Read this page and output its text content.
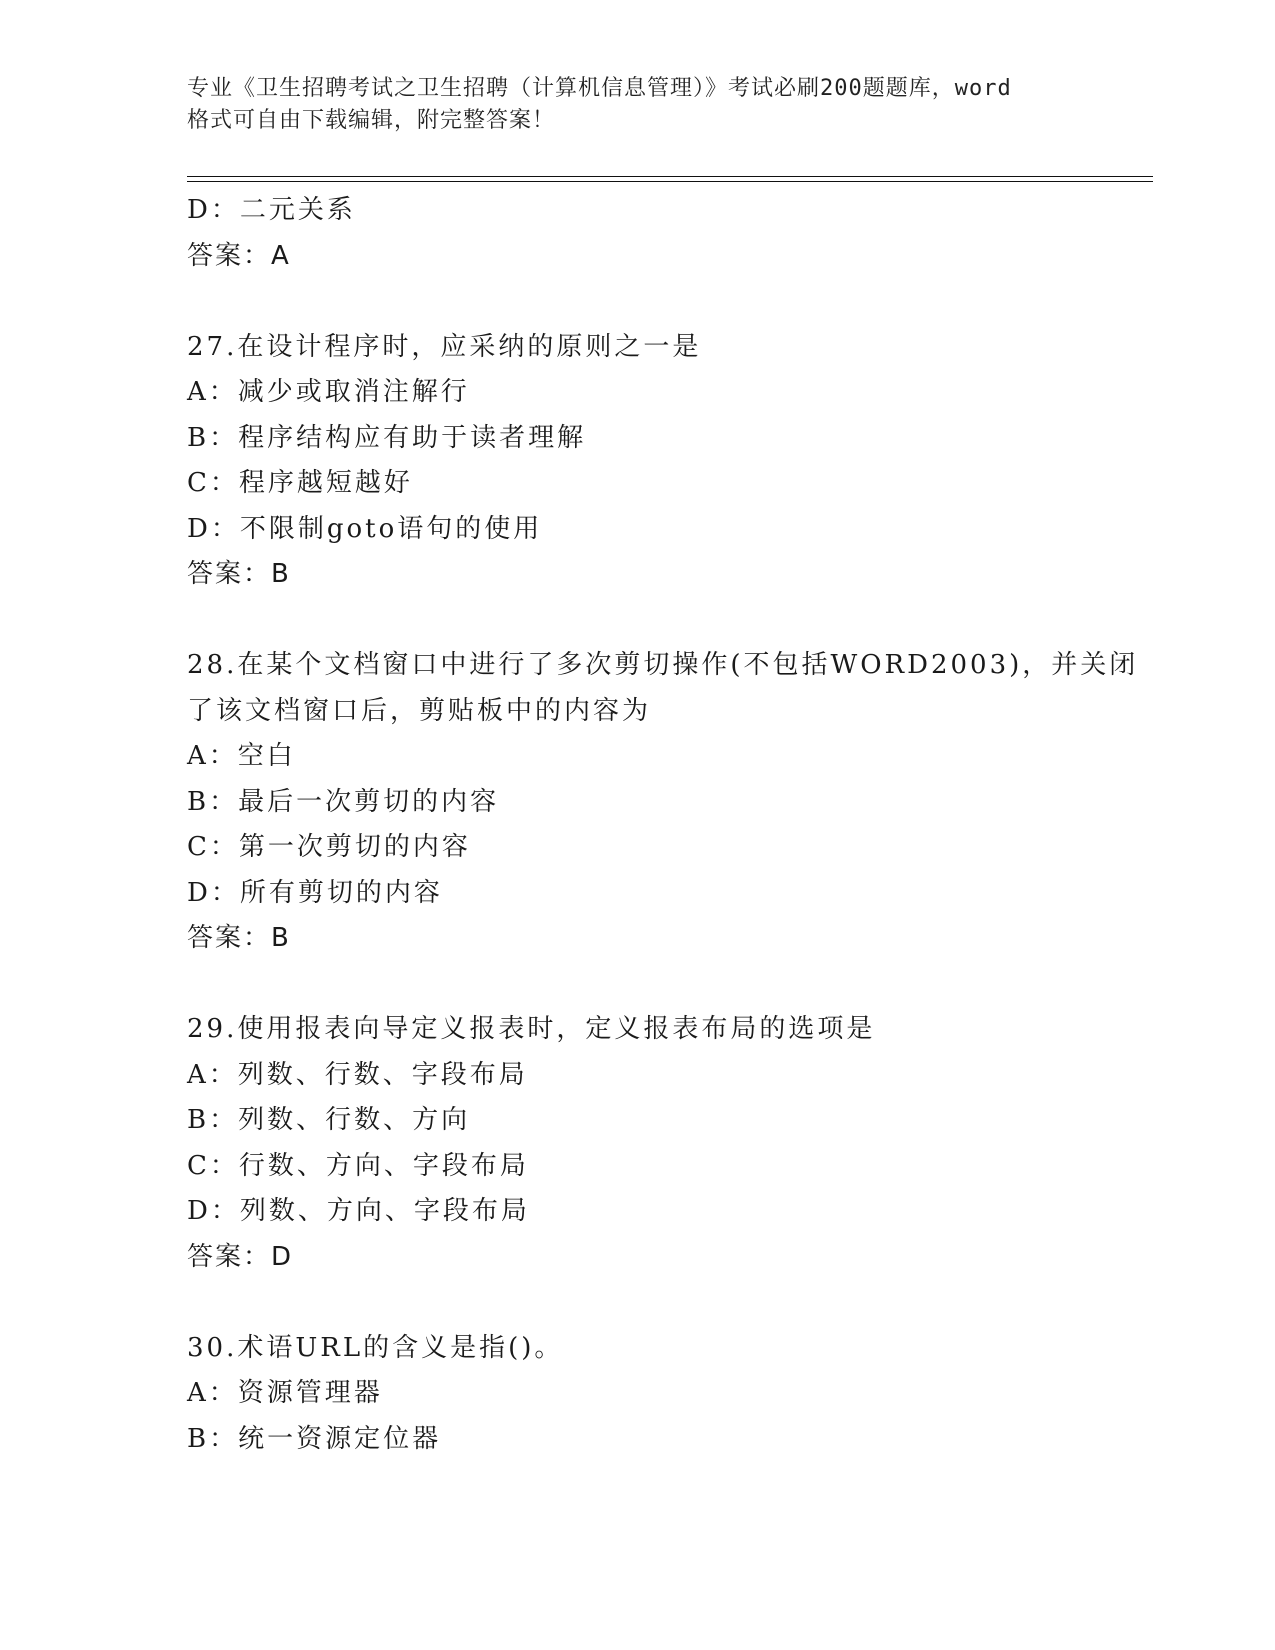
专业《卫生招聘考试之卫生招聘（计算机信息管理）》考试必刷200题题库，word
格式可自由下载编辑，附完整答案！
D：二元关系
答案：A
27.在设计程序时，应采纳的原则之一是
A：减少或取消注解行
B：程序结构应有助于读者理解
C：程序越短越好
D：不限制goto语句的使用
答案：B
28.在某个文档窗口中进行了多次剪切操作(不包括WORD2003)，并关闭
了该文档窗口后，剪贴板中的内容为
A：空白
B：最后一次剪切的内容
C：第一次剪切的内容
D：所有剪切的内容
答案：B
29.使用报表向导定义报表时，定义报表布局的选项是
A：列数、行数、字段布局
B：列数、行数、方向
C：行数、方向、字段布局
D：列数、方向、字段布局
答案：D
30.术语URL的含义是指()。
A：资源管理器
B：统一资源定位器
